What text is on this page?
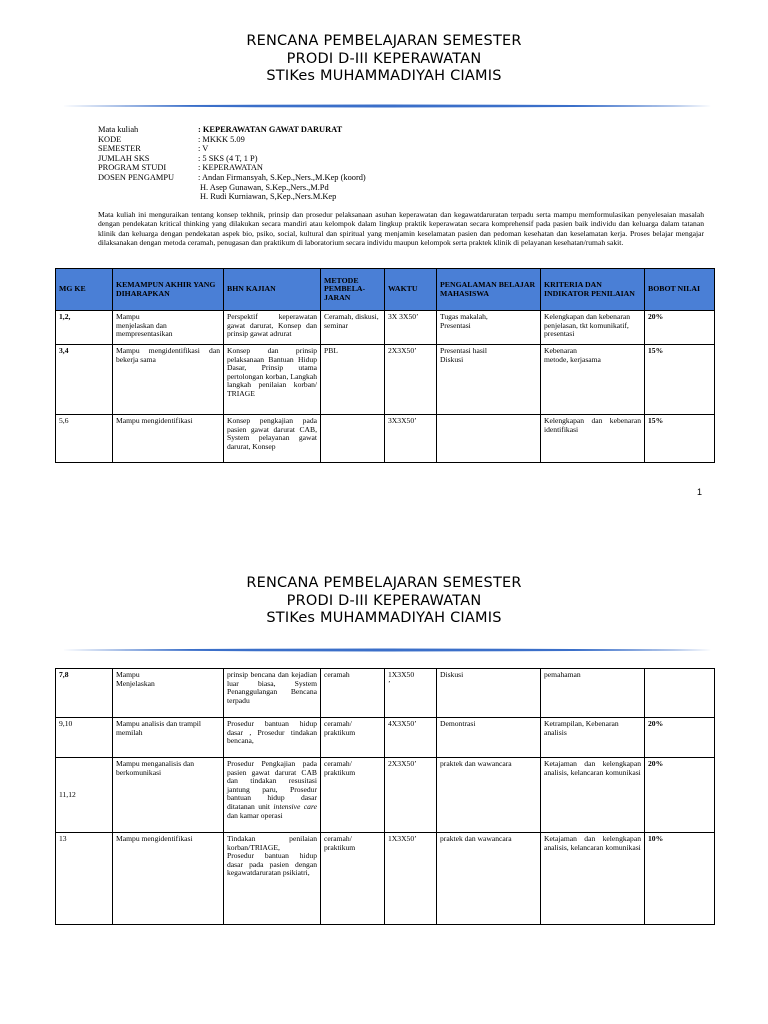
RENCANA PEMBELAJARAN SEMESTER
PRODI D-III KEPERAWATAN
STIKes MUHAMMADIYAH CIAMIS
Mata kuliah	: KEPERAWATAN GAWAT DARURAT
KODE	: MKKK 5.09
SEMESTER	: V
JUMLAH SKS	: 5 SKS (4 T, 1 P)
PROGRAM STUDI	: KEPERAWATAN
DOSEN PENGAMPU	: Andan Firmansyah, S.Kep.,Ners.,M.Kep (koord)
H. Asep Gunawan, S.Kep.,Ners.,M.Pd
H. Rudi Kurniawan, S,Kep.,Ners.M.Kep
Mata kuliah ini menguraikan tentang konsep tekhnik, prinsip dan prosedur pelaksanaan asuhan keperawatan dan kegawatdaruratan terpadu serta mampu memformulasikan penyelesaian masalah dengan pendekatan kritical thinking yang dilakukan secara mandiri atau kelompok dalam lingkup praktik keperawatan secara komprehensif pada pasien baik individu dan keluarga dalam tatanan klinik dan keluarga dengan pendekatan aspek bio, psiko, social, kultural dan spiritual yang menjamin keselamatan pasien dan pedoman kesehatan dan keselamatan kerja. Proses belajar mengajar dilaksanakan dengan metoda ceramah, penugasan dan praktikum di laboratorium secara individu maupun kelompok serta praktek klinik di pelayanan kesehatan/rumah sakit.
MG KE	KEMAMPUN AKHIR YANG DIHARAPKAN	BHN KAJIAN	METODE PEMBELA-JARAN	WAKTU	PENGALAMAN BELAJAR MAHASISWA	KRITERIA DAN INDIKATOR PENILAIAN	BOBOT NILAI
1,2,	Mampu
menjelaskan dan
mempresentasikan	Perspektif keperawatan gawat darurat, Konsep dan prinsip gawat adrurat	Ceramah, diskusi, seminar	3X 3X50’	Tugas makalah,
Presentasi	Kelengkapan dan kebenaran penjelasan, tkt komunikatif, presentasi	20%
3,4	Mampu mengidentifikasi dan bekerja sama	Konsep dan prinsip pelaksanaan Bantuan Hidup Dasar, Prinsip utama pertolongan korban, Langkah langkah penilaian korban/ TRIAGE	PBL	2X3X50’	Presentasi hasil
Diskusi	Kebenaran
metode, kerjasama	15%
5,6	Mampu mengidentifikasi	Konsep pengkajian pada pasien gawat darurat CAB, System pelayanan gawat darurat, Konsep		3X3X50’		Kelengkapan dan kebenaran identifikasi	15%
1
RENCANA PEMBELAJARAN SEMESTER
PRODI D-III KEPERAWATAN
STIKes MUHAMMADIYAH CIAMIS
7,8	Mampu
Menjelaskan	prinsip bencana dan kejadian luar biasa, System Penanggulangan Bencana terpadu	ceramah	1X3X50
’	Diskusi	pemahaman	
9,10	Mampu analisis dan trampil memilah	Prosedur bantuan hidup dasar , Prosedur tindakan bencana,	ceramah/
praktikum	4X3X50’	Demontrasi	Ketrampilan, Kebenaran analisis	20%
11,12	Mampu menganalisis dan berkomunikasi	Prosedur Pengkajian pada pasien gawat darurat CAB dan tindakan resusitasi jantung paru, Prosedur bantuan hidup dasar ditatanan unit intensive care dan kamar operasi	ceramah/
praktikum	2X3X50’	praktek dan wawancara	Ketajaman dan kelengkapan analisis, kelancaran komunikasi	20%
13	Mampu mengidentifikasi	Tindakan penilaian korban/TRIAGE,
Prosedur bantuan hidup dasar pada pasien dengan kegawatdaruratan psikiatri,	ceramah/
praktikum	1X3X50’	praktek dan wawancara	Ketajaman dan kelengkapan analisis, kelancaran komunikasi	10%
